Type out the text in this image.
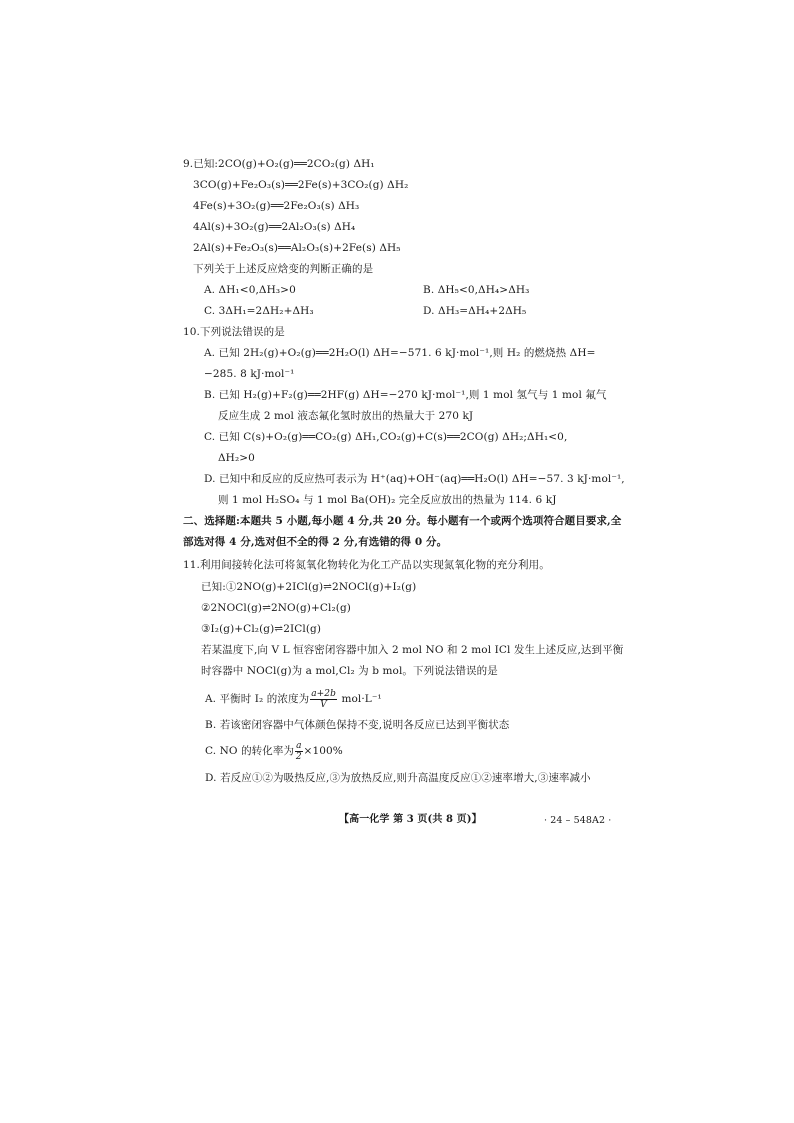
9.已知:2CO(g)+O₂(g)══2CO₂(g) ΔH₁
3CO(g)+Fe₂O₃(s)══2Fe(s)+3CO₂(g) ΔH₂
4Fe(s)+3O₂(g)══2Fe₂O₃(s) ΔH₃
4Al(s)+3O₂(g)══2Al₂O₃(s) ΔH₄
2Al(s)+Fe₂O₃(s)══Al₂O₃(s)+2Fe(s) ΔH₅
下列关于上述反应焓变的判断正确的是
A. ΔH₁<0,ΔH₃>0	B. ΔH₅<0,ΔH₄>ΔH₃
C. 3ΔH₁=2ΔH₂+ΔH₃	D. ΔH₃=ΔH₄+2ΔH₅
10.下列说法错误的是
A. 已知 2H₂(g)+O₂(g)══2H₂O(l) ΔH=−571. 6 kJ·mol⁻¹,则 H₂ 的燃烧热 ΔH=
−285. 8 kJ·mol⁻¹
B. 已知 H₂(g)+F₂(g)══2HF(g) ΔH=−270 kJ·mol⁻¹,则 1 mol 氢气与 1 mol 氟气
反应生成 2 mol 液态氟化氢时放出的热量大于 270 kJ
C. 已知 C(s)+O₂(g)══CO₂(g) ΔH₁,CO₂(g)+C(s)══2CO(g) ΔH₂;ΔH₁<0,
ΔH₂>0
D. 已知中和反应的反应热可表示为 H⁺(aq)+OH⁻(aq)══H₂O(l) ΔH=−57. 3 kJ·mol⁻¹,
则 1 mol H₂SO₄ 与 1 mol Ba(OH)₂ 完全反应放出的热量为 114. 6 kJ
二、选择题:本题共 5 小题,每小题 4 分,共 20 分。每小题有一个或两个选项符合题目要求,全
部选对得 4 分,选对但不全的得 2 分,有选错的得 0 分。
11.利用间接转化法可将氮氧化物转化为化工产品以实现氮氧化物的充分利用。
已知:①2NO(g)+2ICl(g)⇌2NOCl(g)+I₂(g)
②2NOCl(g)⇌2NO(g)+Cl₂(g)
③I₂(g)+Cl₂(g)⇌2ICl(g)
若某温度下,向 V L 恒容密闭容器中加入 2 mol NO 和 2 mol ICl 发生上述反应,达到平衡
时容器中 NOCl(g)为 a mol,Cl₂ 为 b mol。下列说法错误的是
A. 平衡时 I₂ 的浓度为 $\frac{a+2b}{V} mol\cdot L^{-1}$
B. 若该密闭容器中气体颜色保持不变,说明各反应已达到平衡状态
C. NO 的转化率为 $\frac{a}{2} \times 100\%$
D. 若反应①②为吸热反应,③为放热反应,则升高温度反应①②速率增大,③速率减小
【高一化学 第 3 页(共 8 页)】	· 24 – 548A2 ·
